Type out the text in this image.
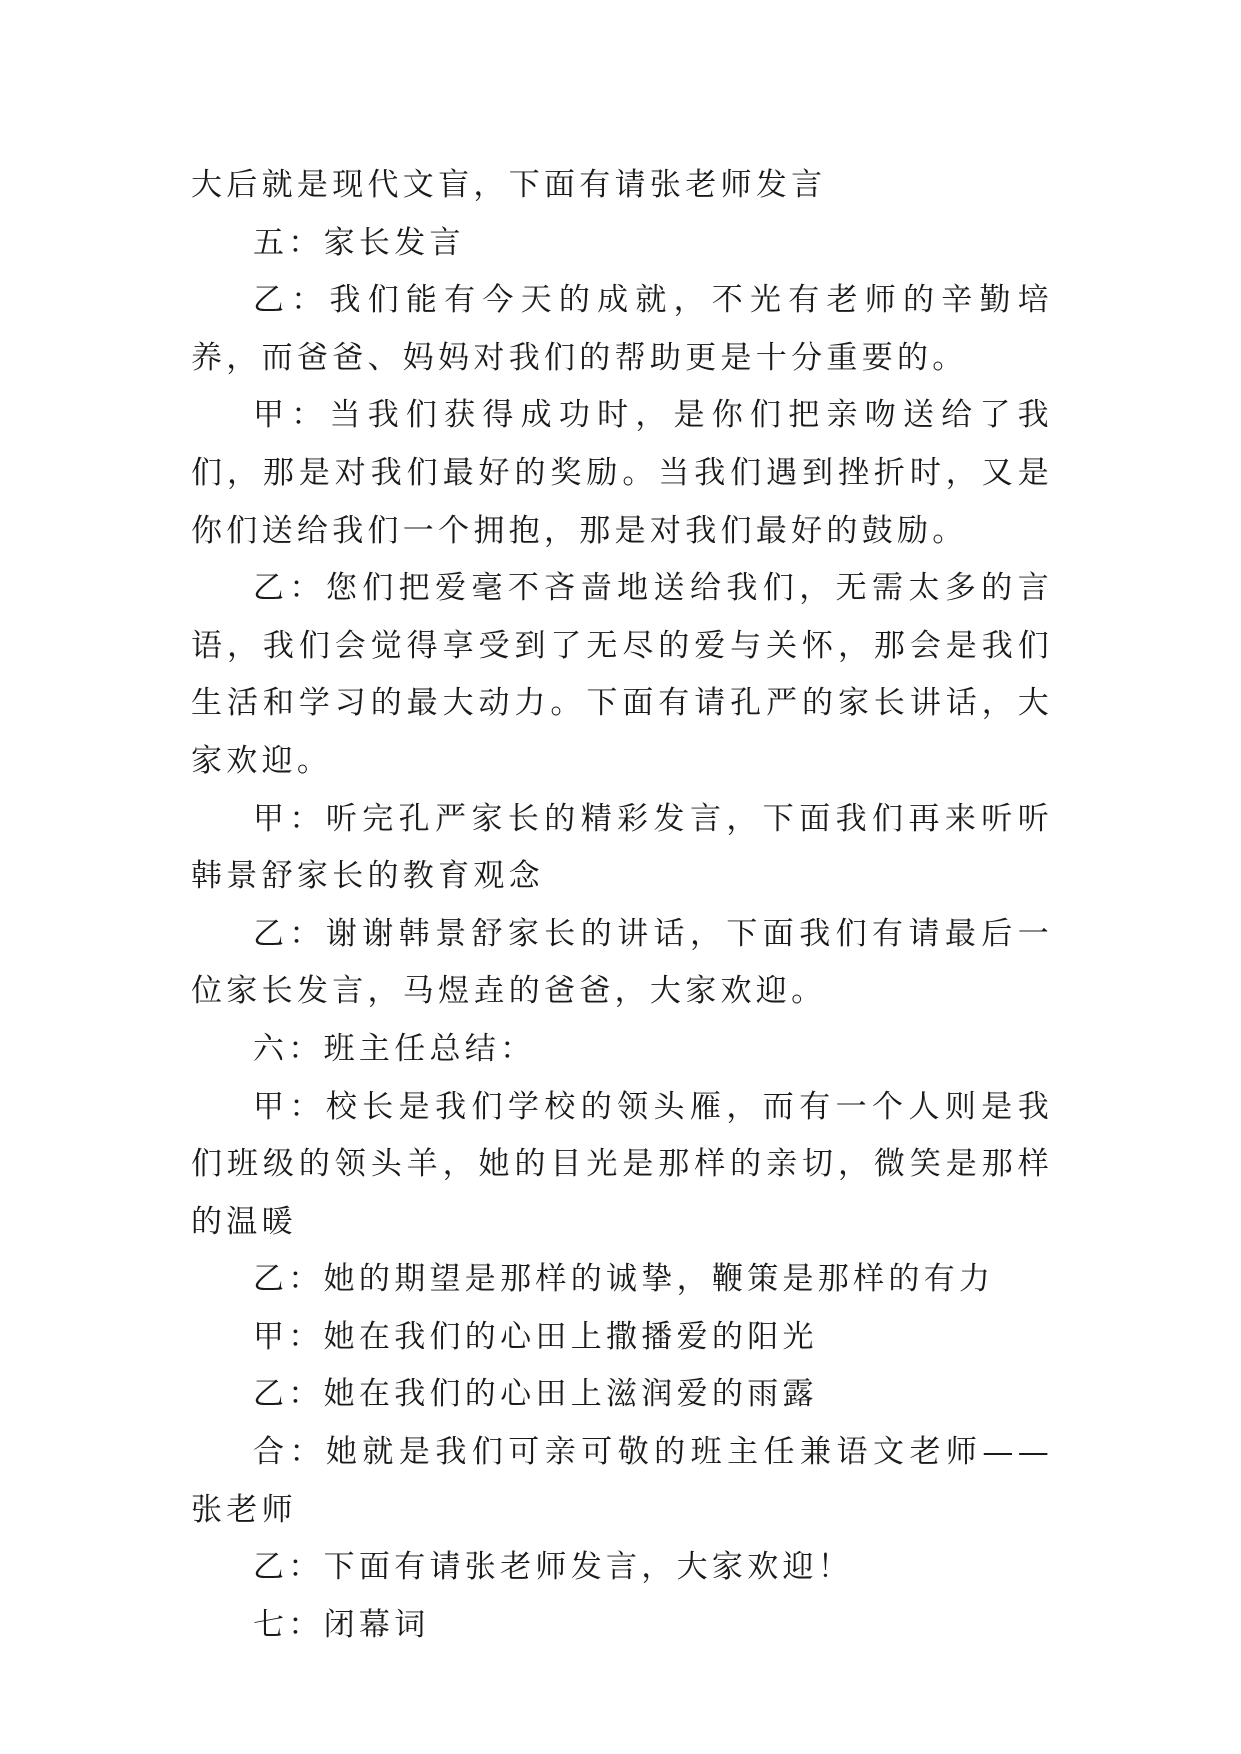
大后就是现代文盲，下面有请张老师发言

五：家长发言

乙：我们能有今天的成就，不光有老师的辛勤培养，而爸爸、妈妈对我们的帮助更是十分重要的。

甲：当我们获得成功时，是你们把亲吻送给了我们，那是对我们最好的奖励。当我们遇到挫折时，又是你们送给我们一个拥抱，那是对我们最好的鼓励。

乙：您们把爱毫不吝啬地送给我们，无需太多的言语，我们会觉得享受到了无尽的爱与关怀，那会是我们生活和学习的最大动力。下面有请孔严的家长讲话，大家欢迎。

甲：听完孔严家长的精彩发言，下面我们再来听听韩景舒家长的教育观念

乙：谢谢韩景舒家长的讲话，下面我们有请最后一位家长发言，马煜垚的爸爸，大家欢迎。

六：班主任总结：

甲：校长是我们学校的领头雁，而有一个人则是我们班级的领头羊，她的目光是那样的亲切，微笑是那样的温暖

乙：她的期望是那样的诚挚，鞭策是那样的有力

甲：她在我们的心田上撒播爱的阳光

乙：她在我们的心田上滋润爱的雨露

合：她就是我们可亲可敬的班主任兼语文老师——张老师

乙：下面有请张老师发言，大家欢迎！

七：闭幕词
